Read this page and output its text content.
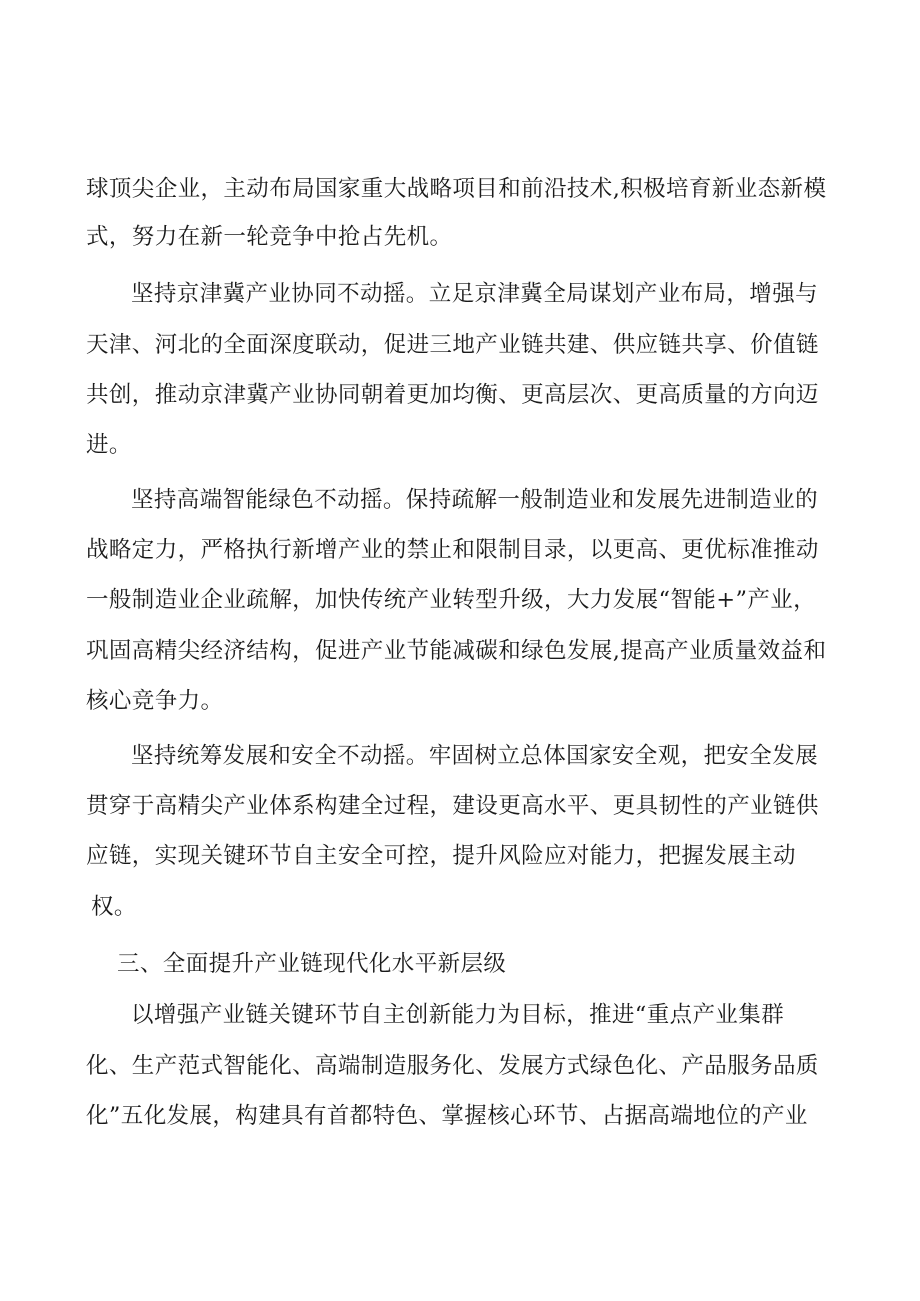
球顶尖企业，主动布局国家重大战略项目和前沿技术,积极培育新业态新模
式，努力在新一轮竞争中抢占先机。
坚持京津冀产业协同不动摇。立足京津冀全局谋划产业布局，增强与
天津、河北的全面深度联动，促进三地产业链共建、供应链共享、价值链
共创，推动京津冀产业协同朝着更加均衡、更高层次、更高质量的方向迈
进。
坚持高端智能绿色不动摇。保持疏解一般制造业和发展先进制造业的
战略定力，严格执行新增产业的禁止和限制目录，以更高、更优标准推动
一般制造业企业疏解，加快传统产业转型升级，大力发展“智能+”产业，
巩固高精尖经济结构，促进产业节能减碳和绿色发展,提高产业质量效益和
核心竞争力。
坚持统筹发展和安全不动摇。牢固树立总体国家安全观，把安全发展
贯穿于高精尖产业体系构建全过程，建设更高水平、更具韧性的产业链供
应链，实现关键环节自主安全可控，提升风险应对能力，把握发展主动
权。
三、全面提升产业链现代化水平新层级
以增强产业链关键环节自主创新能力为目标，推进“重点产业集群
化、生产范式智能化、高端制造服务化、发展方式绿色化、产品服务品质
化”五化发展，构建具有首都特色、掌握核心环节、占据高端地位的产业
